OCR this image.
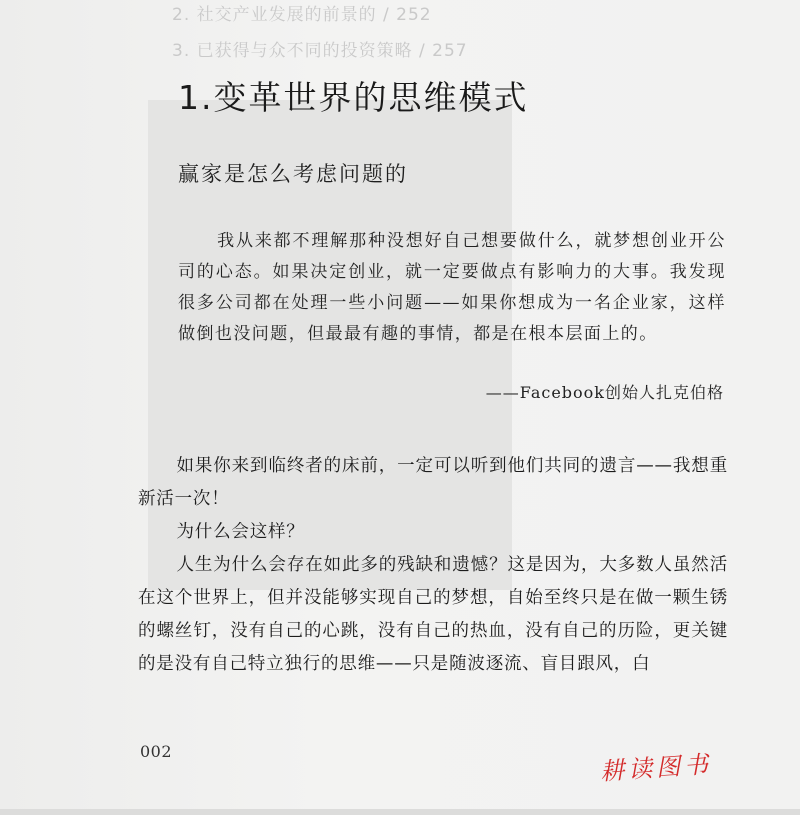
2. 社交产业发展的前景的 / 252
3. 已获得与众不同的投资策略 / 257
1.变革世界的思维模式
赢家是怎么考虑问题的

我从来都不理解那种没想好自己想要做什么，就梦想创业开公司的心态。如果决定创业，就一定要做点有影响力的大事。我发现很多公司都在处理一些小问题——如果你想成为一名企业家，这样做倒也没问题，但最最有趣的事情，都是在根本层面上的。

——Facebook创始人扎克伯格

如果你来到临终者的床前，一定可以听到他们共同的遗言——我想重新活一次！

为什么会这样？

人生为什么会存在如此多的残缺和遗憾？这是因为，大多数人虽然活在这个世界上，但并没能够实现自己的梦想，自始至终只是在做一颗生锈的螺丝钉，没有自己的心跳，没有自己的热血，没有自己的历险，更关键的是没有自己特立独行的思维——只是随波逐流、盲目跟风，白

002	耕读图书
